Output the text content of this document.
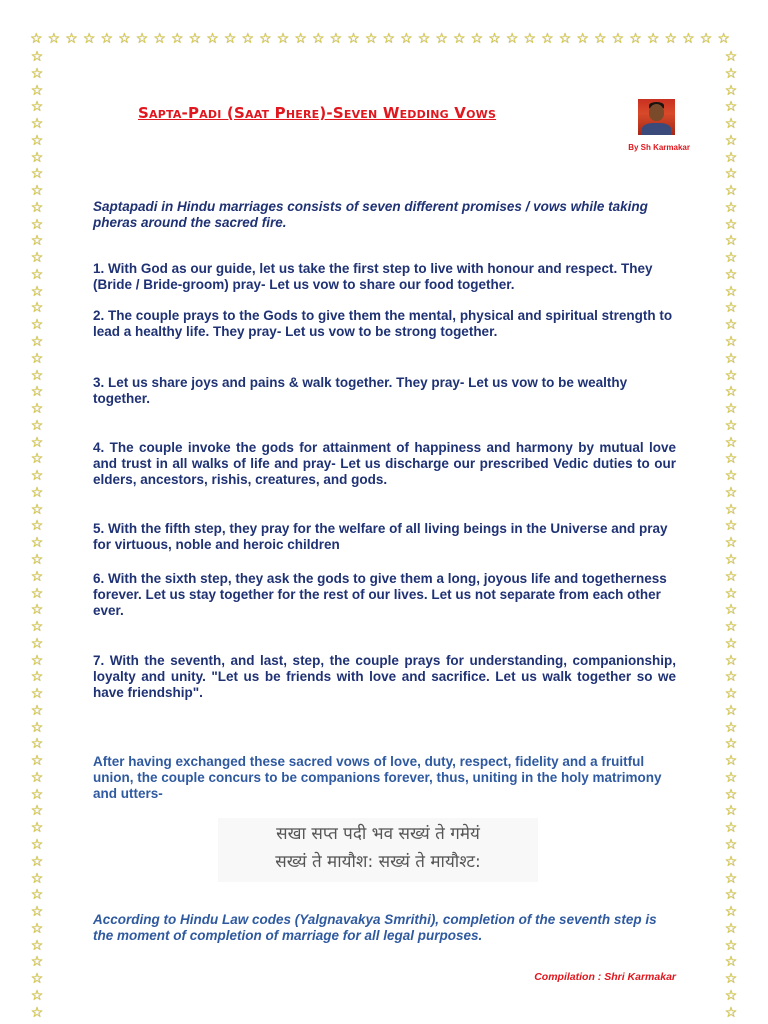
☆ ☆ ☆ ☆ ☆ ☆ ☆ ☆ ☆ ☆ ☆ ☆ ☆ ☆ ☆ ☆ ☆ ☆ ☆ ☆ ☆ ☆ ☆ ☆ ☆ ☆ ☆ ☆ ☆ ☆ ☆ ☆ ☆ ☆ ☆ ☆ ☆ ☆ ☆ ☆
☆
☆
☆
☆
☆
☆
☆
☆
☆
☆
☆
☆
☆
☆
☆
☆
☆
☆
☆
☆
☆
☆
☆
☆
☆
☆
☆
☆
☆
☆
☆
☆
☆
☆
☆
☆
☆
☆
☆
☆
☆
☆
☆
☆
☆
☆
☆
☆
☆
☆
☆
☆
☆
☆
☆
☆
☆
☆
☆
☆
☆
☆
☆
☆
☆
☆
☆
☆
☆
☆
☆
☆
☆
☆
☆
☆
☆
☆
☆
☆
☆
☆
☆
☆
☆
☆
☆
☆
☆
☆
☆
☆
☆
☆
☆
☆
☆
☆
☆
☆
☆
☆
☆
☆
☆
☆
☆
☆
☆
☆
☆
☆
☆
☆
☆
☆
Sapta-Padi (Saat Phere)-Seven Wedding Vows
By Sh Karmakar

Saptapadi in Hindu marriages consists of seven different promises / vows while taking pheras around the sacred fire.

1. With God as our guide, let us take the first step to live with honour and respect. They (Bride / Bride-groom) pray- Let us vow to share our food together.

2. The couple prays to the Gods to give them the mental, physical and spiritual strength to lead a healthy life. They pray- Let us vow to be strong together.

3. Let us share joys and pains & walk together. They pray- Let us vow to be wealthy together.

4. The couple invoke the gods for attainment of happiness and harmony by mutual love and trust in all walks of life and pray- Let us discharge our prescribed Vedic duties to our elders, ancestors, rishis, creatures, and gods.

5. With the fifth step, they pray for the welfare of all living beings in the Universe and pray for virtuous, noble and heroic children

6. With the sixth step, they ask the gods to give them a long, joyous life and togetherness forever. Let us stay together for the rest of our lives. Let us not separate from each other ever.

7. With the seventh, and last, step, the couple prays for understanding, companionship, loyalty and unity. "Let us be friends with love and sacrifice. Let us walk together so we have friendship".

After having exchanged these sacred vows of love, duty, respect, fidelity and a fruitful union, the couple concurs to be companions forever, thus, uniting in the holy matrimony and utters-

सखा सप्त पदी भव सख्यं ते गमेयं
सख्यं ते मायौश: सख्यं ते मायौश्ट:

According to Hindu Law codes (Yalgnavakya Smrithi), completion of the seventh step is the moment of completion of marriage for all legal purposes.

Compilation : Shri Karmakar
